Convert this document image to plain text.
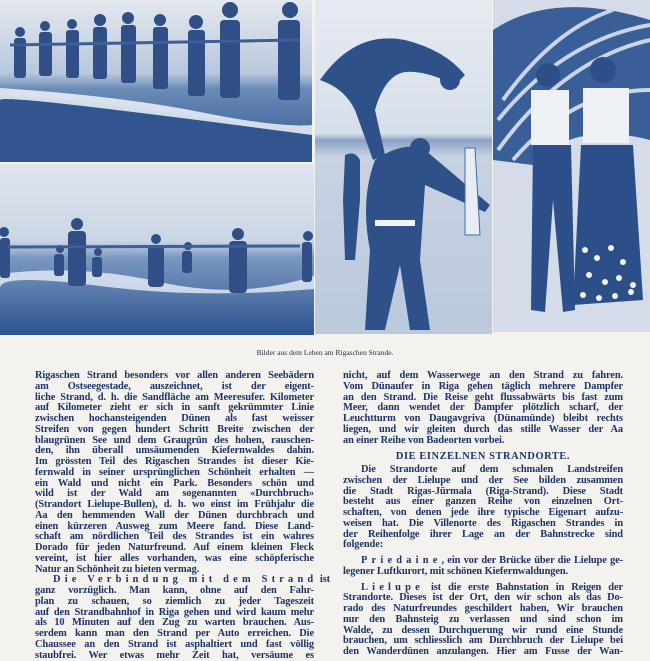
Bilder aus dem Leben am Rigaschen Strande.
Rigaschen Strand besonders vor allen anderen Seebädern
am Ostseegestade, auszeichnet, ist der eigent-
liche Strand, d. h. die Sandfläche am Meeresufer. Kilometer
auf Kilometer zieht er sich in sanft gekrümmter Linie
zwischen hochansteigenden Dünen als fast weisser
Streifen von gegen hundert Schritt Breite zwischen der
blaugrünen See und dem Graugrün des hohen, rauschen-
den, ihn überall umsäumenden Kiefernwaldes dahin.
Im grössten Teil des Rigaschen Strandes ist dieser Kie-
fernwald in seiner ursprünglichen Schönheit erhalten —
ein Wald und nicht ein Park. Besonders schön und
wild ist der Wald am sogenannten «Durchbruch»
(Strandort Lielupe-Bullen), d. h. wo einst im Frühjahr die
Aa den hemmenden Wall der Dünen durchbrach und
einen kürzeren Ausweg zum Meere fand. Diese Land-
schaft am nördlichen Teil des Strandes ist ein wahres
Dorado für jeden Naturfreund. Auf einem kleinen Fleck
vereint, ist hier alles vorhanden, was eine schöpferische
Natur an Schönheit zu bieten vermag.
Die Verbindung mit dem Strand ist
ganz vorzüglich. Man kann, ohne auf den Fahr-
plan zu schauen, so ziemlich zu jeder Tageszeit
auf den Strandbahnhof in Riga gehen und wird kaum mehr
als 10 Minuten auf den Zug zu warten brauchen. Aus-
serdem kann man den Strand per Auto erreichen. Die
Chaussee an den Strand ist asphaltiert und fast völlig
staubfrei. Wer etwas mehr Zeit hat, versäume es
nicht, auf dem Wasserwege an den Strand zu fahren.
Vom Dünaufer in Riga gehen täglich mehrere Dampfer
an den Strand. Die Reise geht flussabwärts bis fast zum
Meer, dann wendet der Dampfer plötzlich scharf, der
Leuchtturm von Daugavgriva (Dünamünde) bleibt rechts
liegen, und wir gleiten durch das stille Wasser der Aa
an einer Reihe von Badeorten vorbei.
DIE EINZELNEN STRANDORTE.
Die Strandorte auf dem schmalen Landstreifen
zwischen der Lielupe und der See bilden zusammen
die Stadt Rigas-Jūrmala (Riga-Strand). Diese Stadt
besteht aus einer ganzen Reihe von einzelnen Ort-
schaften, von denen jede ihre typische Eigenart aufzu-
weisen hat. Die Villenorte des Rigaschen Strandes in
der Reihenfolge ihrer Lage an der Bahnstrecke sind
folgende:
Priedaine, ein vor der Brücke über die Lielupe ge-
legener Luftkurort, mit schönen Kiefernwaldungen.
Lielupe ist die erste Bahnstation in Reigen der
Strandorte. Dieses ist der Ort, den wir schon als das Do-
rado des Naturfreundes geschildert haben, Wir brauchen
nur den Bahnsteig zu verlassen und sind schon im
Walde, zu dessen Durchquerung wir rund eine Stunde
brauchen, um schliesslich am Durchbruch der Lielupe bei
den Wanderdünen anzulangen. Hier am Fusse der Wan-
